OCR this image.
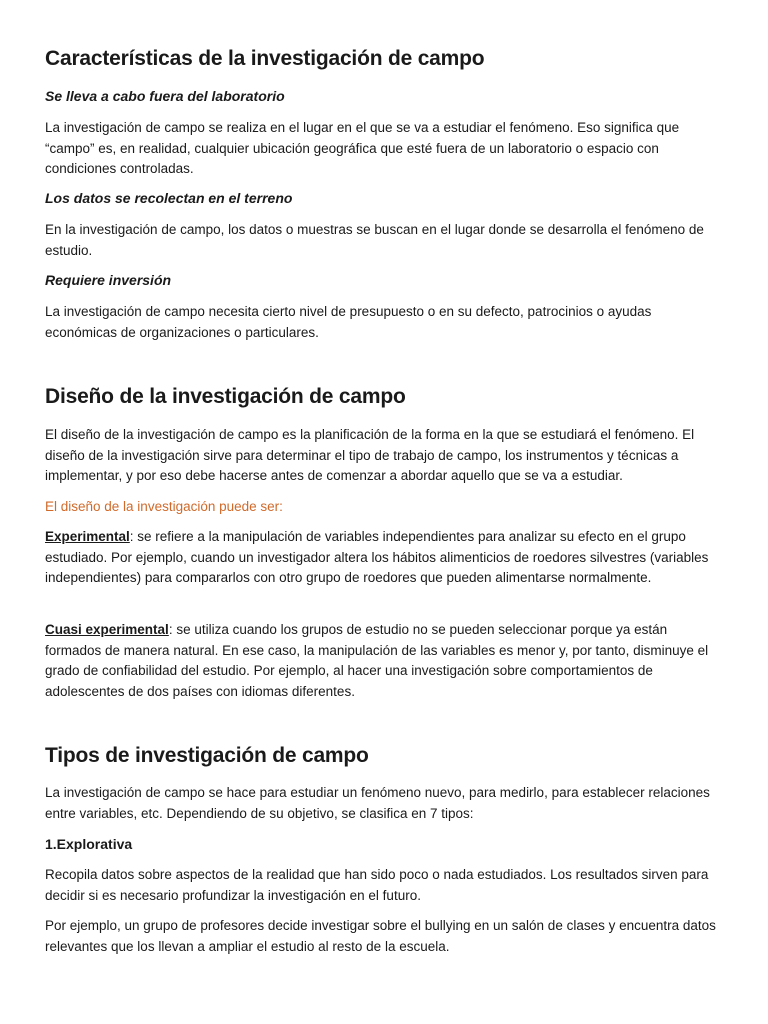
Características de la investigación de campo
Se lleva a cabo fuera del laboratorio
La investigación de campo se realiza en el lugar en el que se va a estudiar el fenómeno. Eso significa que “campo” es, en realidad, cualquier ubicación geográfica que esté fuera de un laboratorio o espacio con condiciones controladas.
Los datos se recolectan en el terreno
En la investigación de campo, los datos o muestras se buscan en el lugar donde se desarrolla el fenómeno de estudio.
Requiere inversión
La investigación de campo necesita cierto nivel de presupuesto o en su defecto, patrocinios o ayudas económicas de organizaciones o particulares.
Diseño de la investigación de campo
El diseño de la investigación de campo es la planificación de la forma en la que se estudiará el fenómeno. El diseño de la investigación sirve para determinar el tipo de trabajo de campo, los instrumentos y técnicas a implementar, y por eso debe hacerse antes de comenzar a abordar aquello que se va a estudiar.
El diseño de la investigación puede ser:
Experimental: se refiere a la manipulación de variables independientes para analizar su efecto en el grupo estudiado. Por ejemplo, cuando un investigador altera los hábitos alimenticios de roedores silvestres (variables independientes) para compararlos con otro grupo de roedores que pueden alimentarse normalmente.
Cuasi experimental: se utiliza cuando los grupos de estudio no se pueden seleccionar porque ya están formados de manera natural. En ese caso, la manipulación de las variables es menor y, por tanto, disminuye el grado de confiabilidad del estudio. Por ejemplo, al hacer una investigación sobre comportamientos de adolescentes de dos países con idiomas diferentes.
Tipos de investigación de campo
La investigación de campo se hace para estudiar un fenómeno nuevo, para medirlo, para establecer relaciones entre variables, etc. Dependiendo de su objetivo, se clasifica en 7 tipos:
1.Explorativa
Recopila datos sobre aspectos de la realidad que han sido poco o nada estudiados. Los resultados sirven para decidir si es necesario profundizar la investigación en el futuro.
Por ejemplo, un grupo de profesores decide investigar sobre el bullying en un salón de clases y encuentra datos relevantes que los llevan a ampliar el estudio al resto de la escuela.
